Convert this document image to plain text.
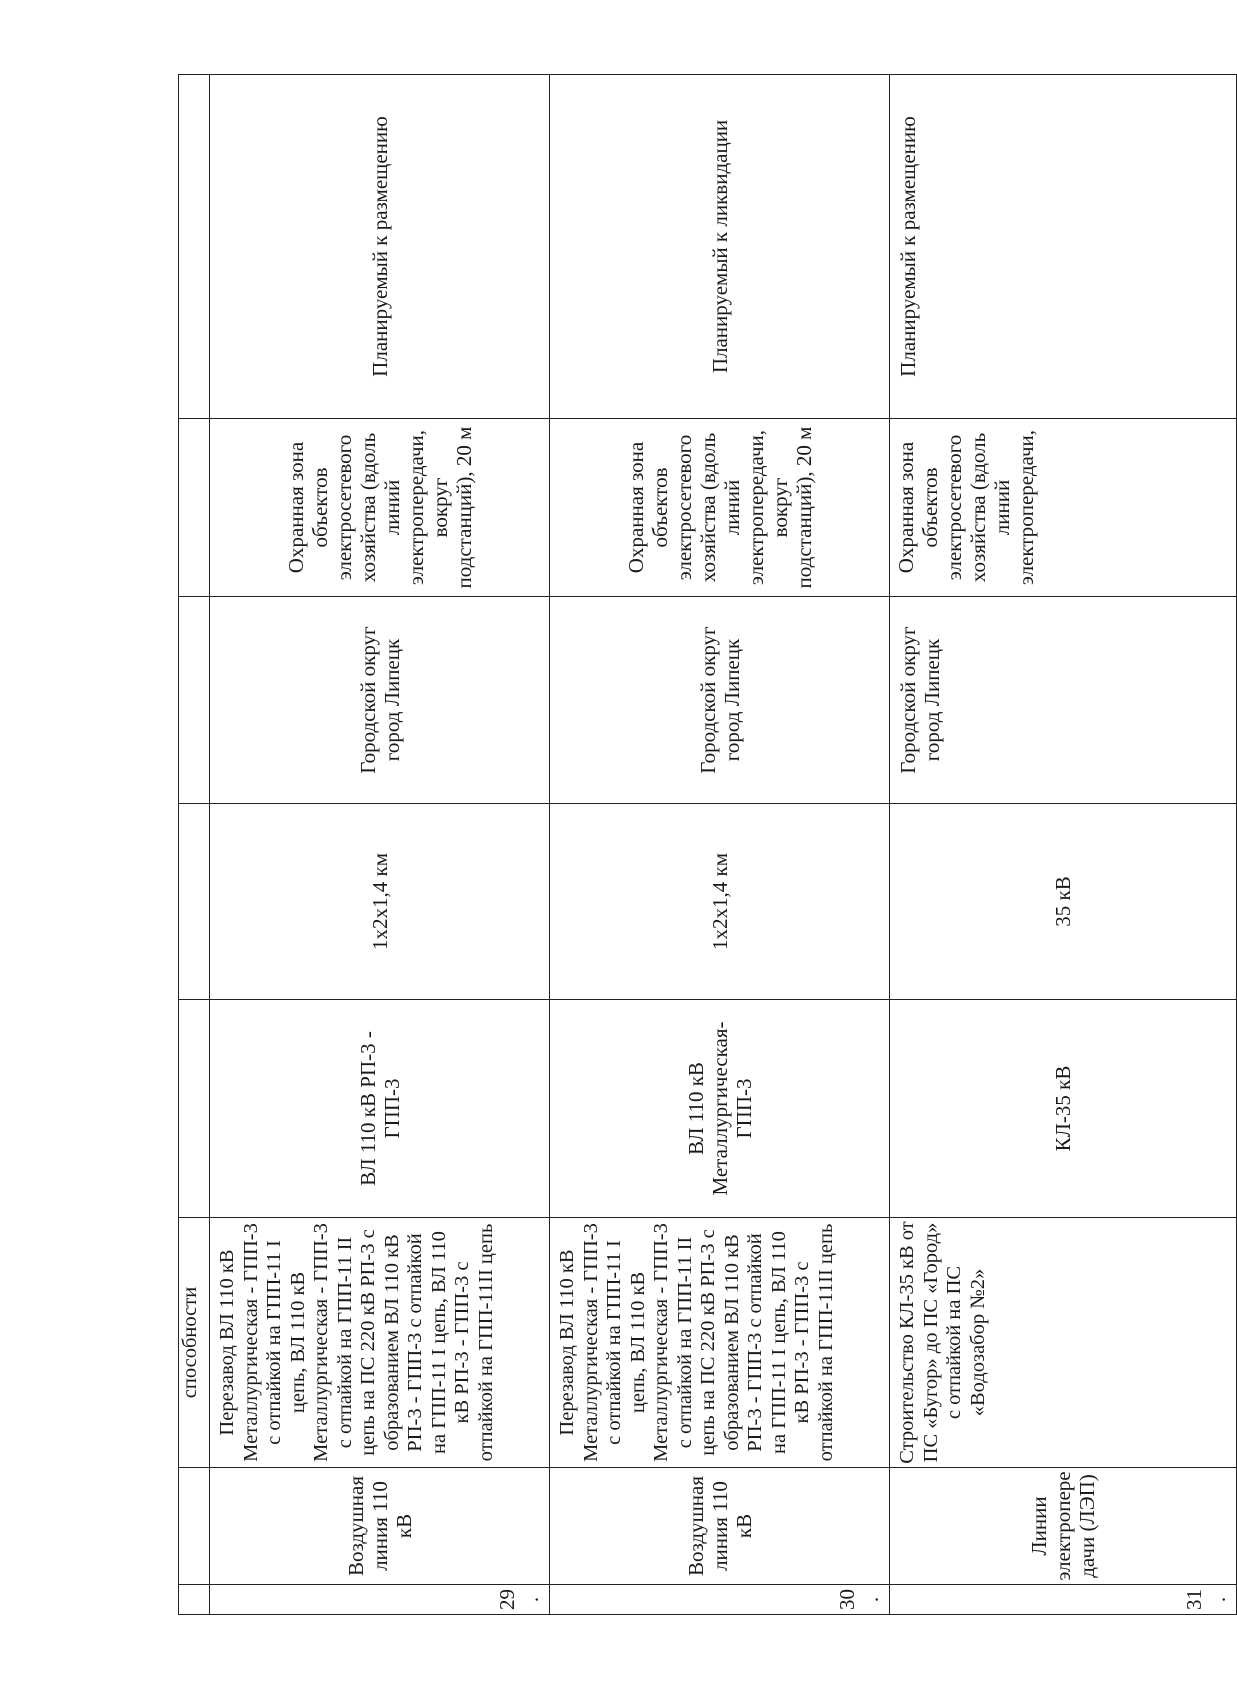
		способности					
29.	Воздушная линия 110 кВ	Перезавод ВЛ 110 кВ Металлургическая - ГПП-3 с отпайкой на ГПП-11 I цепь, ВЛ 110 кВ Металлургическая - ГПП-3 с отпайкой на ГПП-11 II цепь на ПС 220 кВ РП-3 с образованием ВЛ 110 кВ РП-3 - ГПП-3 с отпайкой на ГПП-11 I цепь, ВЛ 110 кВ РП-3 - ГПП-3 с отпайкой на ГПП-11II цепь	ВЛ 110 кВ РП-3 - ГПП-3	1х2х1,4 км	Городской округ город Липецк	Охранная зона объектов электросетевого хозяйства (вдоль линий электропередачи, вокруг подстанций), 20 м	Планируемый к размещению
30.	Воздушная линия 110 кВ	Перезавод ВЛ 110 кВ Металлургическая - ГПП-3 с отпайкой на ГПП-11 I цепь, ВЛ 110 кВ Металлургическая - ГПП-3 с отпайкой на ГПП-11 II цепь на ПС 220 кВ РП-3 с образованием ВЛ 110 кВ РП-3 - ГПП-3 с отпайкой на ГПП-11 I цепь, ВЛ 110 кВ РП-3 - ГПП-3 с отпайкой на ГПП-11II цепь	ВЛ 110 кВ Металлургическая- ГПП-3	1х2х1,4 км	Городской округ город Липецк	Охранная зона объектов электросетевого хозяйства (вдоль линий электропередачи, вокруг подстанций), 20 м	Планируемый к ликвидации
31.	Линии электропередачи (ЛЭП)	Строительство КЛ-35 кВ от ПС «Бугор» до ПС «Город» с отпайкой на ПС «Водозабор №2»	КЛ-35 кВ	35 кВ	Городской округ город Липецк	Охранная зона объектов электросетевого хозяйства (вдоль линий электропередачи,	Планируемый к размещению
